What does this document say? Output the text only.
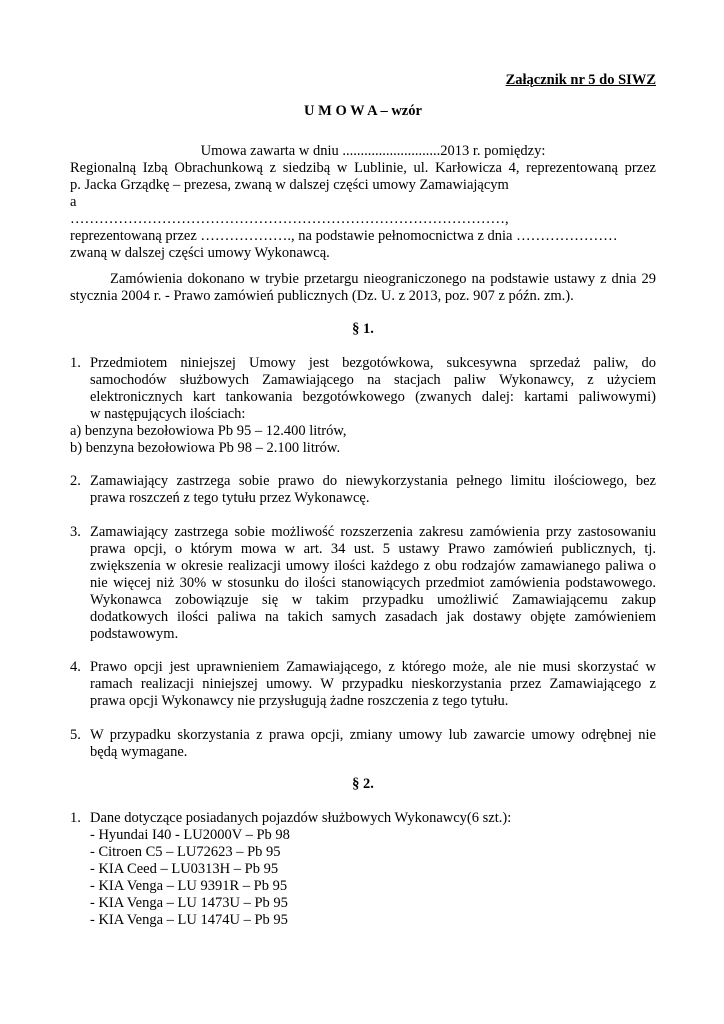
Załącznik nr 5 do SIWZ
U M O W A – wzór
Umowa zawarta w dniu ...........................2013 r. pomiędzy:
Regionalną Izbą Obrachunkową z siedzibą w Lublinie, ul. Karłowicza 4, reprezentowaną przez
p. Jacka Grządkę – prezesa, zwaną w dalszej części umowy Zamawiającym
a
………………………………………………………………………………,
reprezentowaną przez ………………., na podstawie pełnomocnictwa z dnia …………………
zwaną w dalszej części umowy Wykonawcą.
Zamówienia dokonano w trybie przetargu nieograniczonego na podstawie ustawy z dnia 29
stycznia 2004 r. - Prawo zamówień publicznych (Dz. U. z 2013, poz. 907 z późn. zm.).
§ 1.
1. Przedmiotem niniejszej Umowy jest bezgotówkowa, sukcesywna sprzedaż paliw, do
samochodów służbowych Zamawiającego na stacjach paliw Wykonawcy, z użyciem
elektronicznych kart tankowania bezgotówkowego (zwanych dalej: kartami paliwowymi)
w następujących ilościach:
a) benzyna bezołowiowa Pb 95 – 12.400 litrów,
b) benzyna bezołowiowa Pb 98 – 2.100 litrów.
2. Zamawiający zastrzega sobie prawo do niewykorzystania pełnego limitu ilościowego, bez
prawa roszczeń z tego tytułu przez Wykonawcę.
3. Zamawiający zastrzega sobie możliwość rozszerzenia zakresu zamówienia przy zastosowaniu
prawa opcji, o którym mowa w art. 34 ust. 5 ustawy Prawo zamówień publicznych, tj.
zwiększenia w okresie realizacji umowy ilości każdego z obu rodzajów zamawianego paliwa o
nie więcej niż 30% w stosunku do ilości stanowiących przedmiot zamówienia podstawowego.
Wykonawca zobowiązuje się w takim przypadku umożliwić Zamawiającemu zakup
dodatkowych ilości paliwa na takich samych zasadach jak dostawy objęte zamówieniem
podstawowym.
4. Prawo opcji jest uprawnieniem Zamawiającego, z którego może, ale nie musi skorzystać w
ramach realizacji niniejszej umowy. W przypadku nieskorzystania przez Zamawiającego z
prawa opcji Wykonawcy nie przysługują żadne roszczenia z tego tytułu.
5. W przypadku skorzystania z prawa opcji, zmiany umowy lub zawarcie umowy odrębnej nie
będą wymagane.
§ 2.
1. Dane dotyczące posiadanych pojazdów służbowych Wykonawcy(6 szt.):
- Hyundai I40 - LU2000V – Pb 98
- Citroen C5 – LU72623 – Pb 95
- KIA Ceed – LU0313H – Pb 95
- KIA Venga – LU 9391R – Pb 95
- KIA Venga – LU 1473U – Pb 95
- KIA Venga – LU 1474U – Pb 95
